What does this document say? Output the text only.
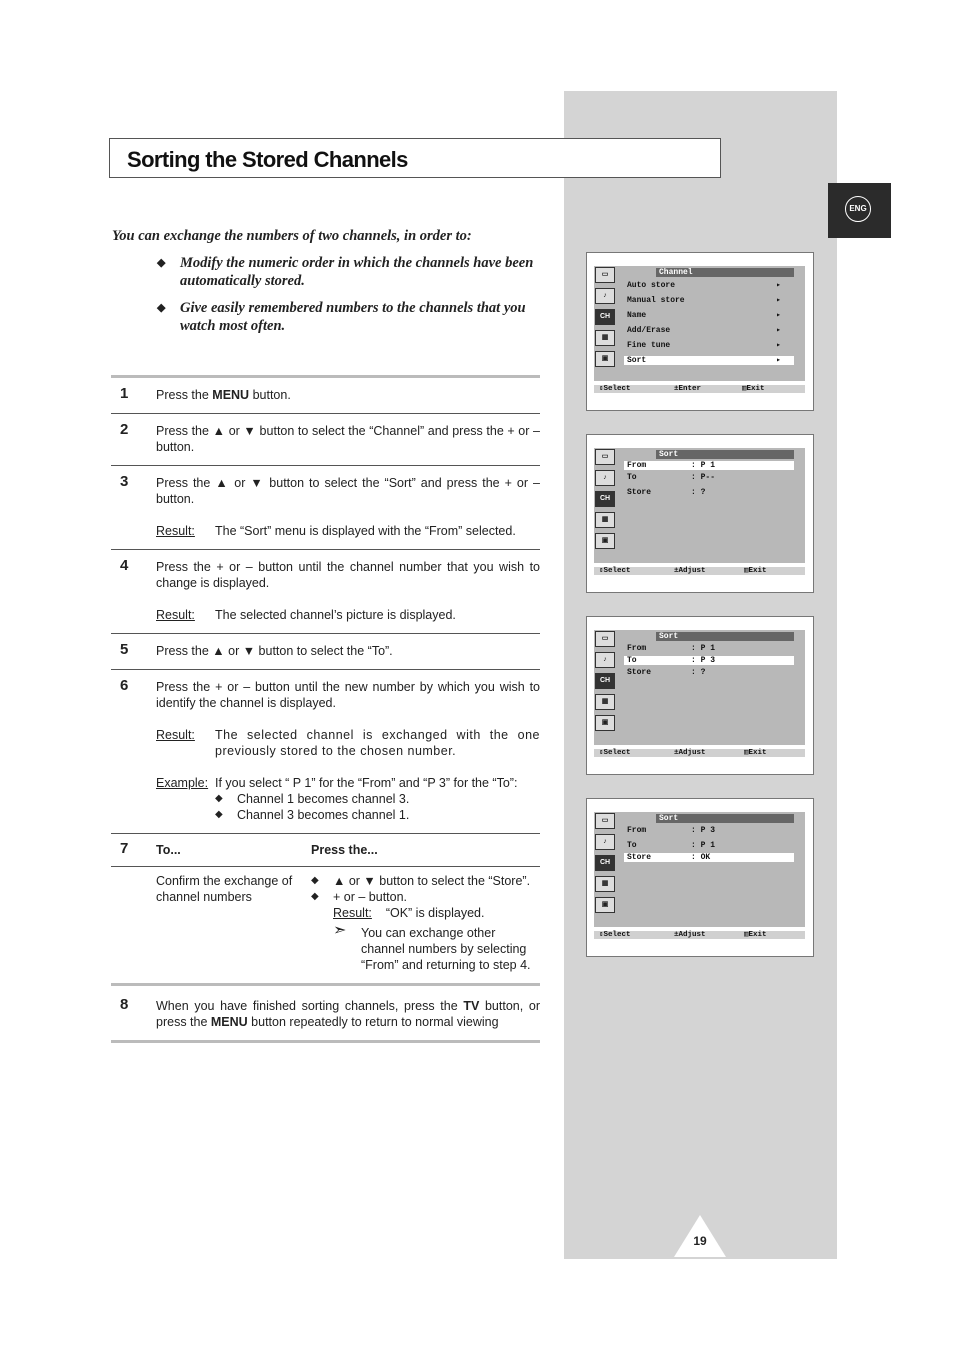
Sorting the Stored Channels
ENG

You can exchange the numbers of two channels, in order to:

◆ Modify the numeric order in which the channels have been automatically stored.
◆ Give easily remembered numbers to the channels that you watch most often.
1 Press the MENU button.
2 Press the ▲ or ▼ button to select the “Channel” and press the + or – button.
3 Press the ▲ or ▼ button to select the “Sort” and press the + or – button.
Result:	The “Sort” menu is displayed with the “From” selected.
4 Press the + or – button until the channel number that you wish to change is displayed.
Result:	The selected channel’s picture is displayed.
5 Press the ▲ or ▼ button to select the “To”.
6 Press the + or – button until the new number by which you wish to identify the channel is displayed.
Result:	The selected channel is exchanged with the one previously stored to the chosen number.
Example: If you select “ P 1” for the “From” and “P 3” for the “To”:
◆ Channel 1 becomes channel 3.
◆ Channel 3 becomes channel 1.
7 To...	Press the...
Confirm the exchange of channel numbers
◆ ▲ or ▼ button to select the “Store”.
◆ + or – button.
Result: “OK” is displayed.
➣ You can exchange other channel numbers by selecting “From” and returning to step 4.
8 When you have finished sorting channels, press the TV button, or press the MENU button repeatedly to return to normal viewing
▭
♪
CH
▦
▣
Channel
Auto store	▸
Manual store	▸
Name	▸
Add/Erase	▸
Fine tune	▸
Sort	▸
⇕Select	±Enter	▥Exit
▭
♪
CH
▦
▣
Sort
From	: P 1
To	: P--
Store	: ?
⇕Select	±Adjust	▥Exit
▭
♪
CH
▦
▣
Sort
From	: P 1
To	: P 3
Store	: ?
⇕Select	±Adjust	▥Exit
▭
♪
CH
▦
▣
Sort
From	: P 3
To	: P 1
Store	: OK
⇕Select	±Adjust	▥Exit
19
